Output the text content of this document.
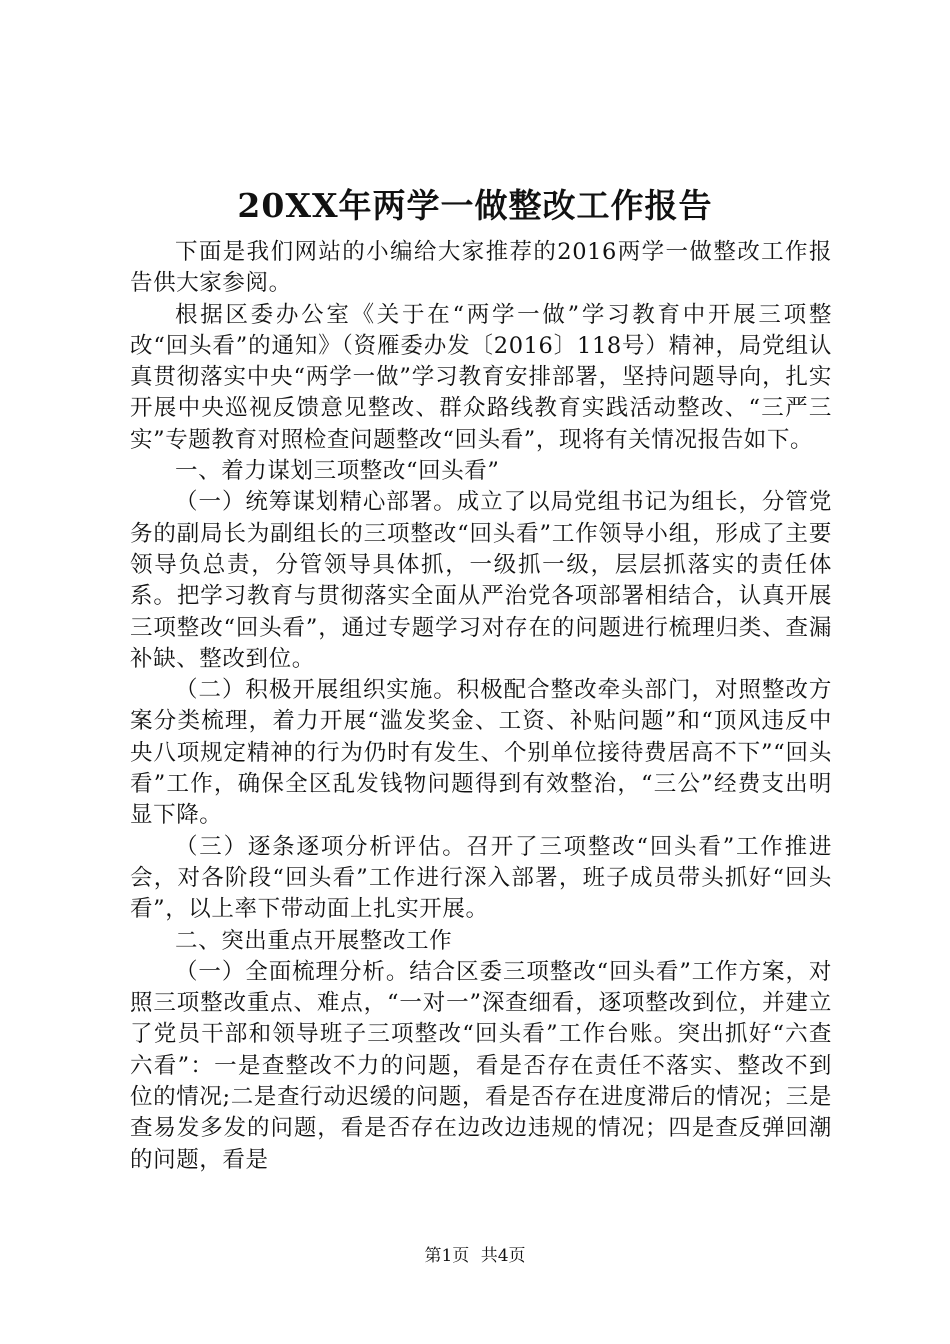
20XX年两学一做整改工作报告

下面是我们网站的小编给大家推荐的2016两学一做整改工作报告供大家参阅。

根据区委办公室《关于在“两学一做”学习教育中开展三项整改“回头看”的通知》（资雁委办发〔2016〕118号）精神，局党组认真贯彻落实中央“两学一做”学习教育安排部署，坚持问题导向，扎实开展中央巡视反馈意见整改、群众路线教育实践活动整改、“三严三实”专题教育对照检查问题整改“回头看”，现将有关情况报告如下。

一、着力谋划三项整改“回头看”

（一）统筹谋划精心部署。成立了以局党组书记为组长，分管党务的副局长为副组长的三项整改“回头看”工作领导小组，形成了主要领导负总责，分管领导具体抓，一级抓一级，层层抓落实的责任体系。把学习教育与贯彻落实全面从严治党各项部署相结合，认真开展三项整改“回头看”，通过专题学习对存在的问题进行梳理归类、查漏补缺、整改到位。

（二）积极开展组织实施。积极配合整改牵头部门，对照整改方案分类梳理，着力开展“滥发奖金、工资、补贴问题”和“顶风违反中央八项规定精神的行为仍时有发生、个别单位接待费居高不下”“回头看”工作，确保全区乱发钱物问题得到有效整治，“三公”经费支出明显下降。

（三）逐条逐项分析评估。召开了三项整改“回头看”工作推进会，对各阶段“回头看”工作进行深入部署，班子成员带头抓好“回头看”，以上率下带动面上扎实开展。

二、突出重点开展整改工作

（一）全面梳理分析。结合区委三项整改“回头看”工作方案，对照三项整改重点、难点，“一对一”深查细看，逐项整改到位，并建立了党员干部和领导班子三项整改“回头看”工作台账。突出抓好“六查六看”：一是查整改不力的问题，看是否存在责任不落实、整改不到位的情况;二是查行动迟缓的问题，看是否存在进度滞后的情况；三是查易发多发的问题，看是否存在边改边违规的情况；四是查反弹回潮的问题，看是

第1页 共4页
